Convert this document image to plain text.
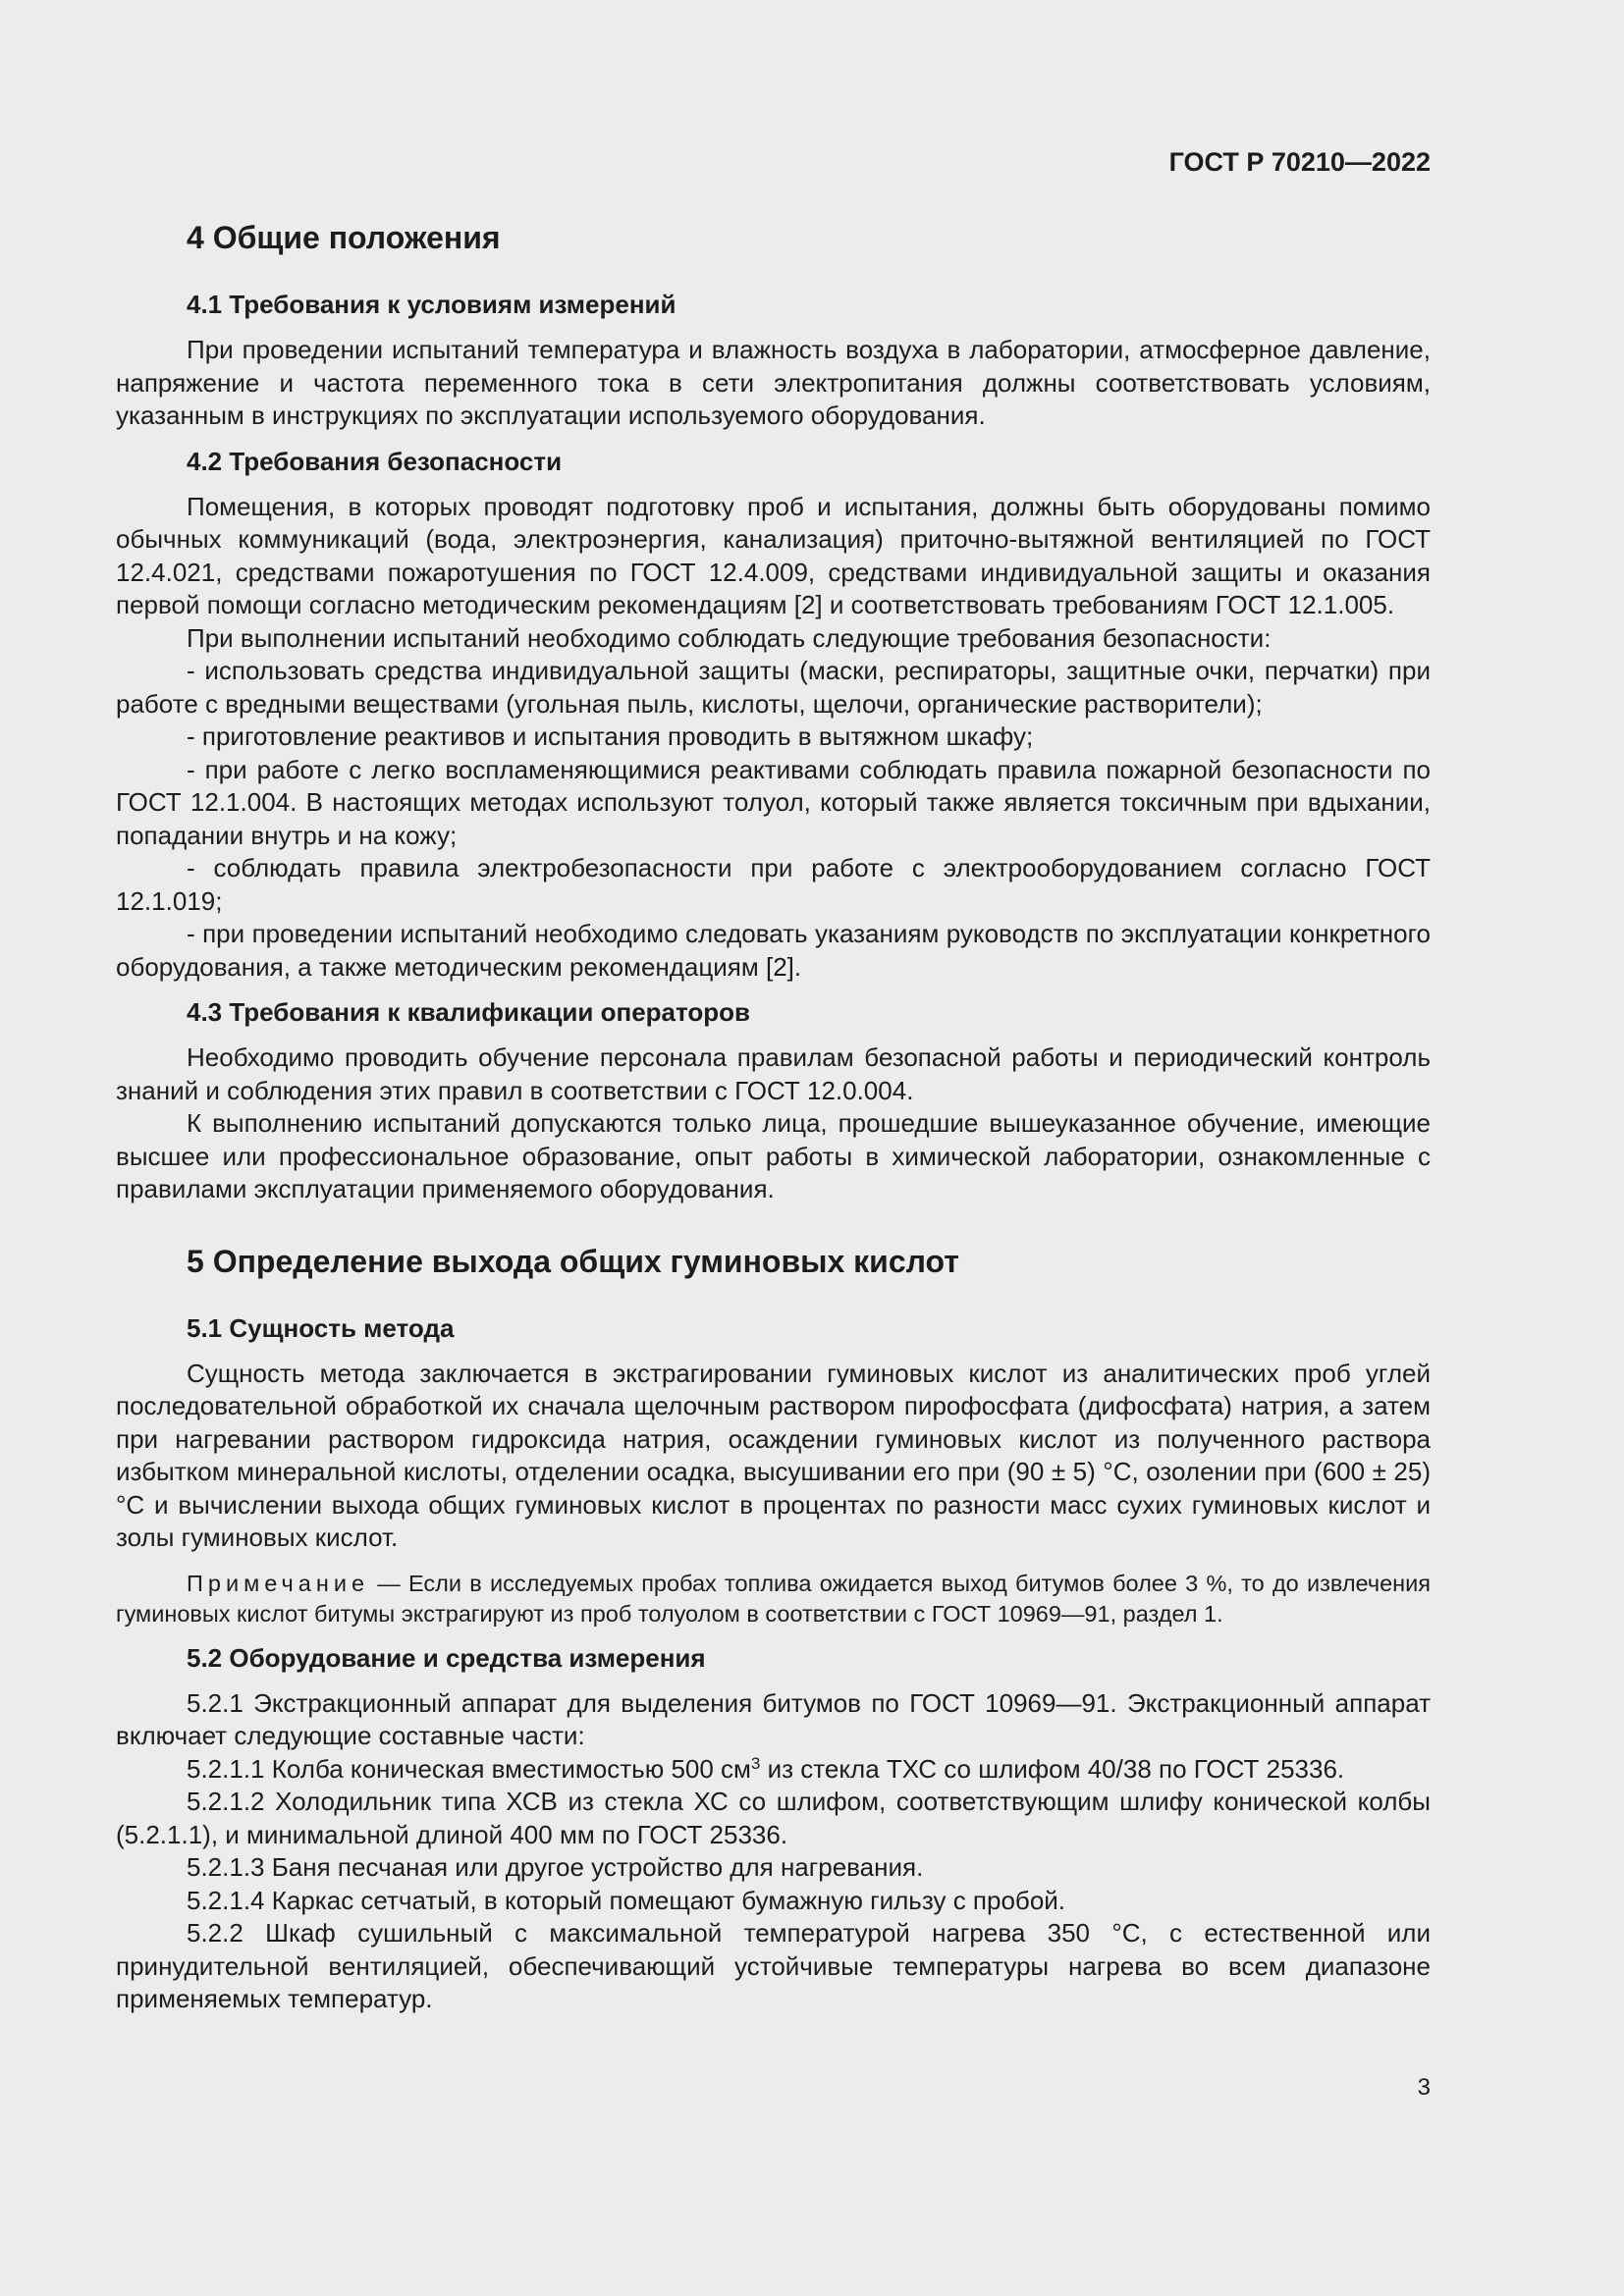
ГОСТ Р 70210—2022
4 Общие положения
4.1 Требования к условиям измерений

При проведении испытаний температура и влажность воздуха в лаборатории, атмосферное давление, напряжение и частота переменного тока в сети электропитания должны соответствовать условиям, указанным в инструкциях по эксплуатации используемого оборудования.

4.2 Требования безопасности

Помещения, в которых проводят подготовку проб и испытания, должны быть оборудованы помимо обычных коммуникаций (вода, электроэнергия, канализация) приточно-вытяжной вентиляцией по ГОСТ 12.4.021, средствами пожаротушения по ГОСТ 12.4.009, средствами индивидуальной защиты и оказания первой помощи согласно методическим рекомендациям [2] и соответствовать требованиям ГОСТ 12.1.005.

При выполнении испытаний необходимо соблюдать следующие требования безопасности:

- использовать средства индивидуальной защиты (маски, респираторы, защитные очки, перчатки) при работе с вредными веществами (угольная пыль, кислоты, щелочи, органические растворители);

- приготовление реактивов и испытания проводить в вытяжном шкафу;

- при работе с легко воспламеняющимися реактивами соблюдать правила пожарной безопасности по ГОСТ 12.1.004. В настоящих методах используют толуол, который также является токсичным при вдыхании, попадании внутрь и на кожу;

- соблюдать правила электробезопасности при работе с электрооборудованием согласно ГОСТ 12.1.019;

- при проведении испытаний необходимо следовать указаниям руководств по эксплуатации конкретного оборудования, а также методическим рекомендациям [2].

4.3 Требования к квалификации операторов

Необходимо проводить обучение персонала правилам безопасной работы и периодический контроль знаний и соблюдения этих правил в соответствии с ГОСТ 12.0.004.

К выполнению испытаний допускаются только лица, прошедшие вышеуказанное обучение, имеющие высшее или профессиональное образование, опыт работы в химической лаборатории, ознакомленные с правилами эксплуатации применяемого оборудования.

5 Определение выхода общих гуминовых кислот
5.1 Сущность метода

Сущность метода заключается в экстрагировании гуминовых кислот из аналитических проб углей последовательной обработкой их сначала щелочным раствором пирофосфата (дифосфата) натрия, а затем при нагревании раствором гидроксида натрия, осаждении гуминовых кислот из полученного раствора избытком минеральной кислоты, отделении осадка, высушивании его при (90 ± 5) °С, озолении при (600 ± 25) °С и вычислении выхода общих гуминовых кислот в процентах по разности масс сухих гуминовых кислот и золы гуминовых кислот.

Примечание — Если в исследуемых пробах топлива ожидается выход битумов более 3 %, то до извлечения гуминовых кислот битумы экстрагируют из проб толуолом в соответствии с ГОСТ 10969—91, раздел 1.

5.2 Оборудование и средства измерения

5.2.1 Экстракционный аппарат для выделения битумов по ГОСТ 10969—91. Экстракционный аппарат включает следующие составные части:

5.2.1.1 Колба коническая вместимостью 500 $см^3$ из стекла ТХС со шлифом 40/38 по ГОСТ 25336.

5.2.1.2 Холодильник типа ХСВ из стекла ХС со шлифом, соответствующим шлифу конической колбы (5.2.1.1), и минимальной длиной 400 мм по ГОСТ 25336.

5.2.1.3 Баня песчаная или другое устройство для нагревания.

5.2.1.4 Каркас сетчатый, в который помещают бумажную гильзу с пробой.

5.2.2 Шкаф сушильный с максимальной температурой нагрева 350 °С, с естественной или принудительной вентиляцией, обеспечивающий устойчивые температуры нагрева во всем диапазоне применяемых температур.

3
